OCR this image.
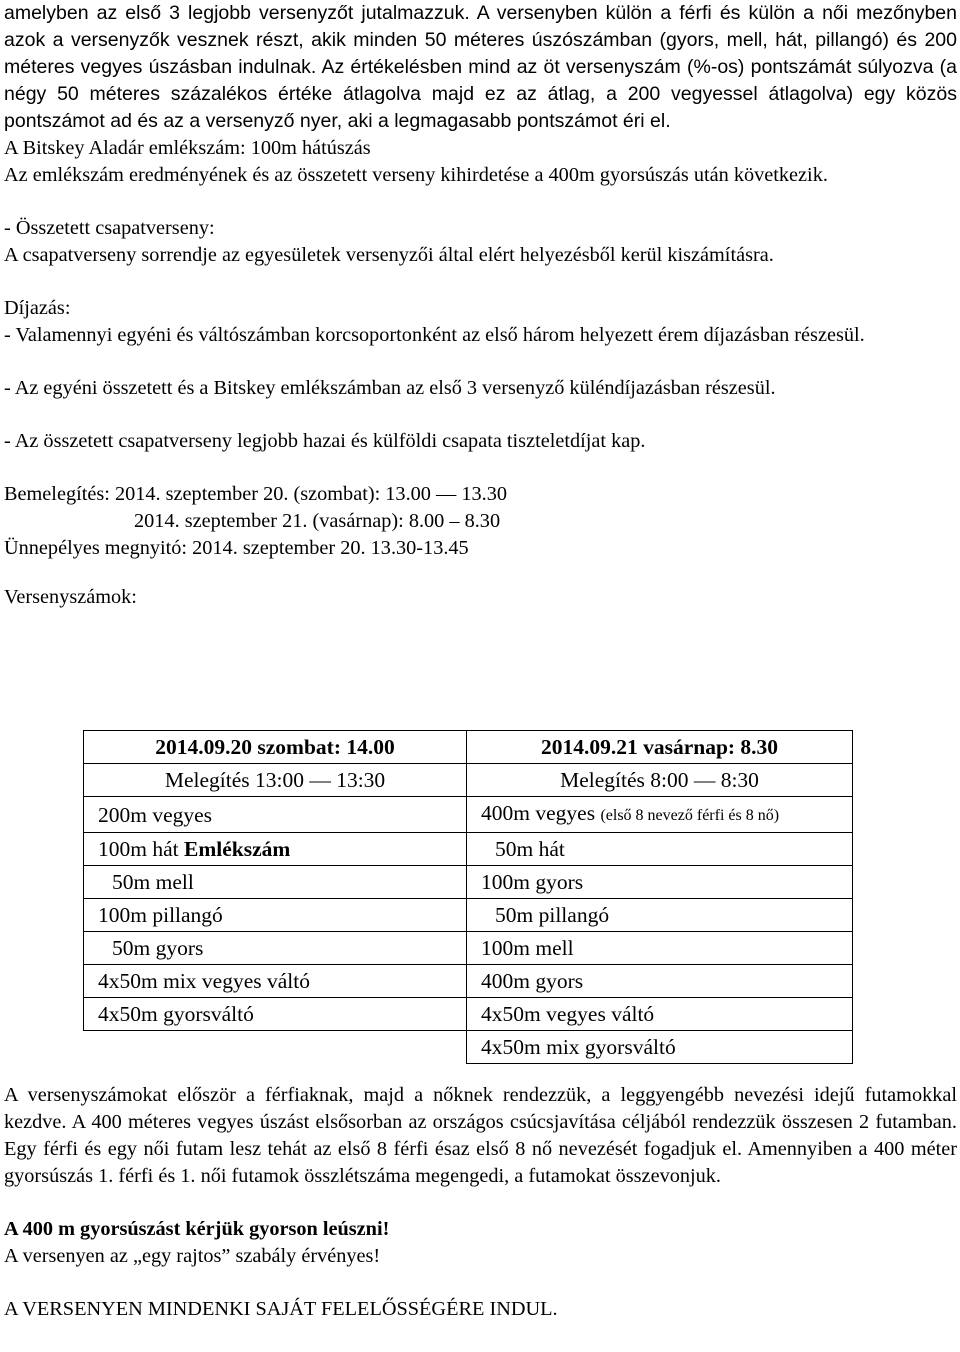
amelyben az első 3 legjobb versenyzőt jutalmazzuk. A versenyben külön a férfi és külön a női mezőnyben azok a versenyzők vesznek részt, akik minden 50 méteres úszószámban (gyors, mell, hát, pillangó) és 200 méteres vegyes úszásban indulnak. Az értékelésben mind az öt versenyszám (%-os) pontszámát súlyozva (a négy 50 méteres százalékos értéke átlagolva majd ez az átlag, a 200 vegyessel átlagolva) egy közös pontszámot ad és az a versenyző nyer, aki a legmagasabb pontszámot éri el.

A Bitskey Aladár emlékszám: 100m hátúszás

Az emlékszám eredményének és az összetett verseny kihirdetése a 400m gyorsúszás után következik.

- Összetett csapatverseny:

A csapatverseny sorrendje az egyesületek versenyzői által elért helyezésből kerül kiszámításra.

Díjazás:

- Valamennyi egyéni és váltószámban korcsoportonként az első három helyezett érem díjazásban részesül.

- Az egyéni összetett és a Bitskey emlékszámban az első 3 versenyző küléndíjazásban részesül.

- Az összetett csapatverseny legjobb hazai és külföldi csapata tiszteletdíjat kap.

Bemelegítés: 2014. szeptember 20. (szombat): 13.00 — 13.30

2014. szeptember 21. (vasárnap): 8.00 – 8.30

Ünnepélyes megnyitó: 2014. szeptember 20. 13.30-13.45

Versenyszámok:

2014.09.20 szombat: 14.00	2014.09.21 vasárnap: 8.30
Melegítés 13:00 — 13:30	Melegítés 8:00 — 8:30
200m vegyes	400m vegyes (első 8 nevező férfi és 8 nő)
100m hát Emlékszám	50m hát
50m mell	100m gyors
100m pillangó	50m pillangó
50m gyors	100m mell
4x50m mix vegyes váltó	400m gyors
4x50m gyorsváltó	4x50m vegyes váltó
	4x50m mix gyorsváltó

A versenyszámokat először a férfiaknak, majd a nőknek rendezzük, a leggyengébb nevezési idejű futamokkal kezdve. A 400 méteres vegyes úszást elsősorban az országos csúcsjavítása céljából rendezzük összesen 2 futamban. Egy férfi és egy női futam lesz tehát az első 8 férfi ésaz első 8 nő nevezését fogadjuk el. Amennyiben a 400 méter gyorsúszás 1. férfi és 1. női futamok összlétszáma megengedi, a futamokat összevonjuk.

A 400 m gyorsúszást kérjük gyorson leúszni!

A versenyen az „egy rajtos” szabály érvényes!

A VERSENYEN MINDENKI SAJÁT FELELŐSSÉGÉRE INDUL.
